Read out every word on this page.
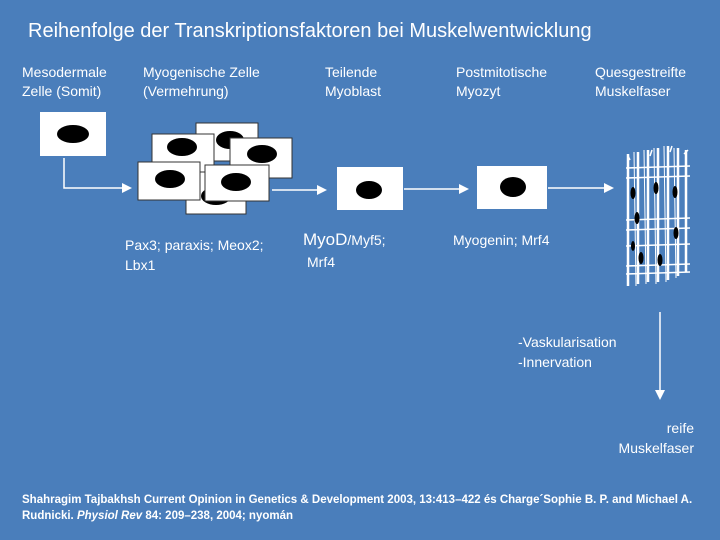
Reihenfolge der Transkriptionsfaktoren bei Muskelwentwicklung
Mesodermale
Zelle (Somit)
Myogenische Zelle
(Vermehrung)
Teilende
Myoblast
Postmitotische
Myozyt
Quesgestreifte
Muskelfaser
Pax3; paraxis; Meox2;
Lbx1
MyoD/Myf5;
Mrf4
Myogenin; Mrf4
-Vaskularisation
-Innervation
reife
Muskelfaser
Shahragim Tajbakhsh Current Opinion in Genetics & Development 2003, 13:413–422 és Charge´Sophie B. P. and Michael A. Rudnicki. Physiol Rev 84: 209–238, 2004; nyomán
